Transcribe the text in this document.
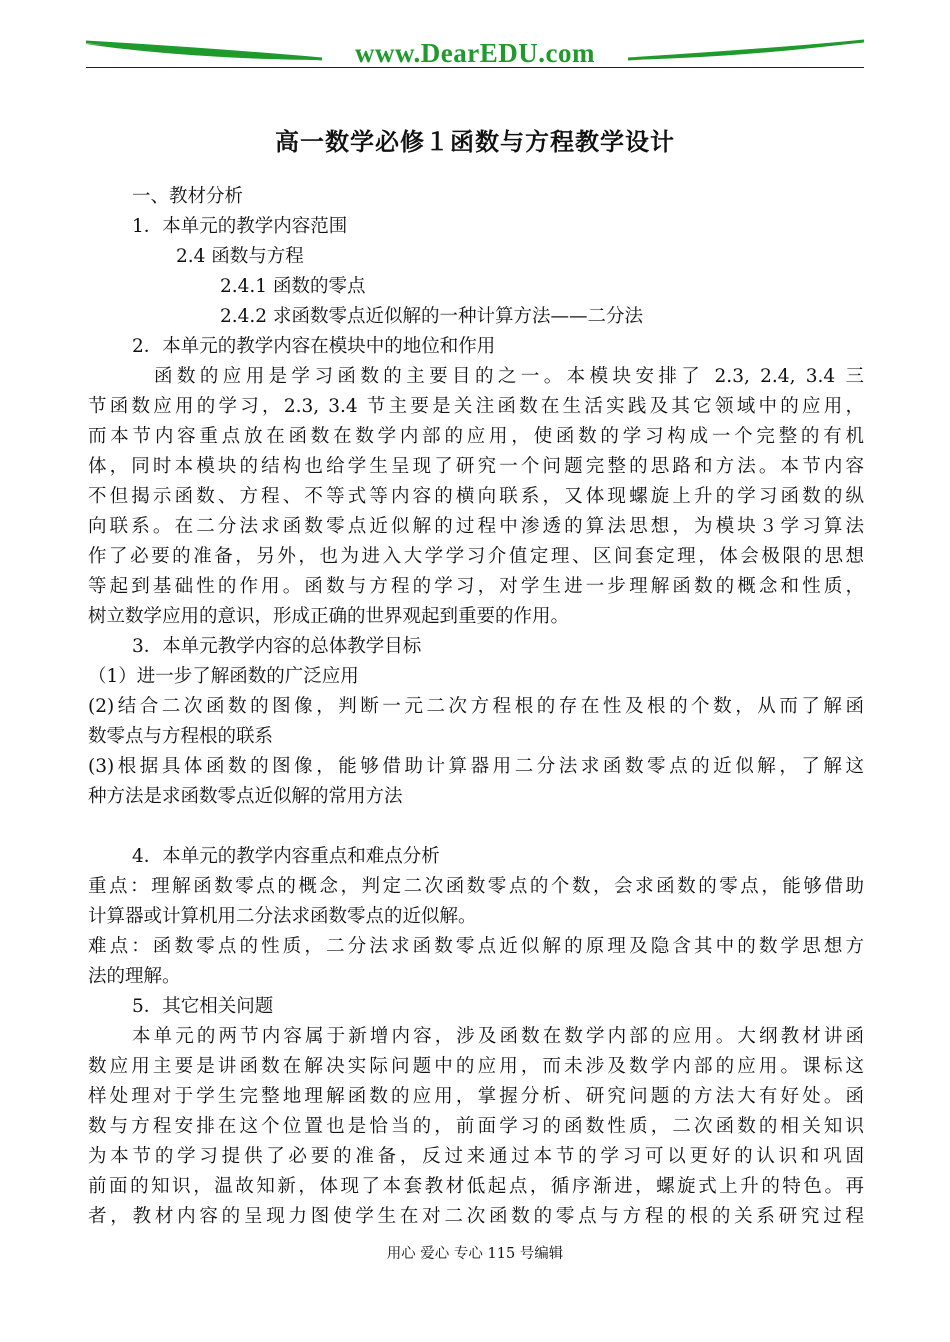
www.DearEDU.com
高一数学必修１函数与方程教学设计
一、教材分析
1．本单元的教学内容范围
2.4 函数与方程
2.4.1 函数的零点
2.4.2 求函数零点近似解的一种计算方法——二分法
2．本单元的教学内容在模块中的地位和作用
函数的应用是学习函数的主要目的之一。本模块安排了 2.3, 2.4, 3.4 三
节函数应用的学习，2.3, 3.4 节主要是关注函数在生活实践及其它领域中的应用，
而本节内容重点放在函数在数学内部的应用，使函数的学习构成一个完整的有机
体，同时本模块的结构也给学生呈现了研究一个问题完整的思路和方法。本节内容
不但揭示函数、方程、不等式等内容的横向联系，又体现螺旋上升的学习函数的纵
向联系。在二分法求函数零点近似解的过程中渗透的算法思想，为模块３学习算法
作了必要的准备，另外，也为进入大学学习介值定理、区间套定理，体会极限的思想
等起到基础性的作用。函数与方程的学习，对学生进一步理解函数的概念和性质，
树立数学应用的意识，形成正确的世界观起到重要的作用。
3．本单元教学内容的总体教学目标
（1）进一步了解函数的广泛应用
(2)结合二次函数的图像，判断一元二次方程根的存在性及根的个数，从而了解函
数零点与方程根的联系
(3)根据具体函数的图像，能够借助计算器用二分法求函数零点的近似解，了解这
种方法是求函数零点近似解的常用方法
4．本单元的教学内容重点和难点分析
重点：理解函数零点的概念，判定二次函数零点的个数，会求函数的零点，能够借助
计算器或计算机用二分法求函数零点的近似解。
难点：函数零点的性质，二分法求函数零点近似解的原理及隐含其中的数学思想方
法的理解。
5．其它相关问题
本单元的两节内容属于新增内容，涉及函数在数学内部的应用。大纲教材讲函
数应用主要是讲函数在解决实际问题中的应用，而未涉及数学内部的应用。课标这
样处理对于学生完整地理解函数的应用，掌握分析、研究问题的方法大有好处。函
数与方程安排在这个位置也是恰当的，前面学习的函数性质，二次函数的相关知识
为本节的学习提供了必要的准备，反过来通过本节的学习可以更好的认识和巩固
前面的知识，温故知新，体现了本套教材低起点，循序渐进，螺旋式上升的特色。再
者，教材内容的呈现力图使学生在对二次函数的零点与方程的根的关系研究过程
用心 爱心 专心 115 号编辑
